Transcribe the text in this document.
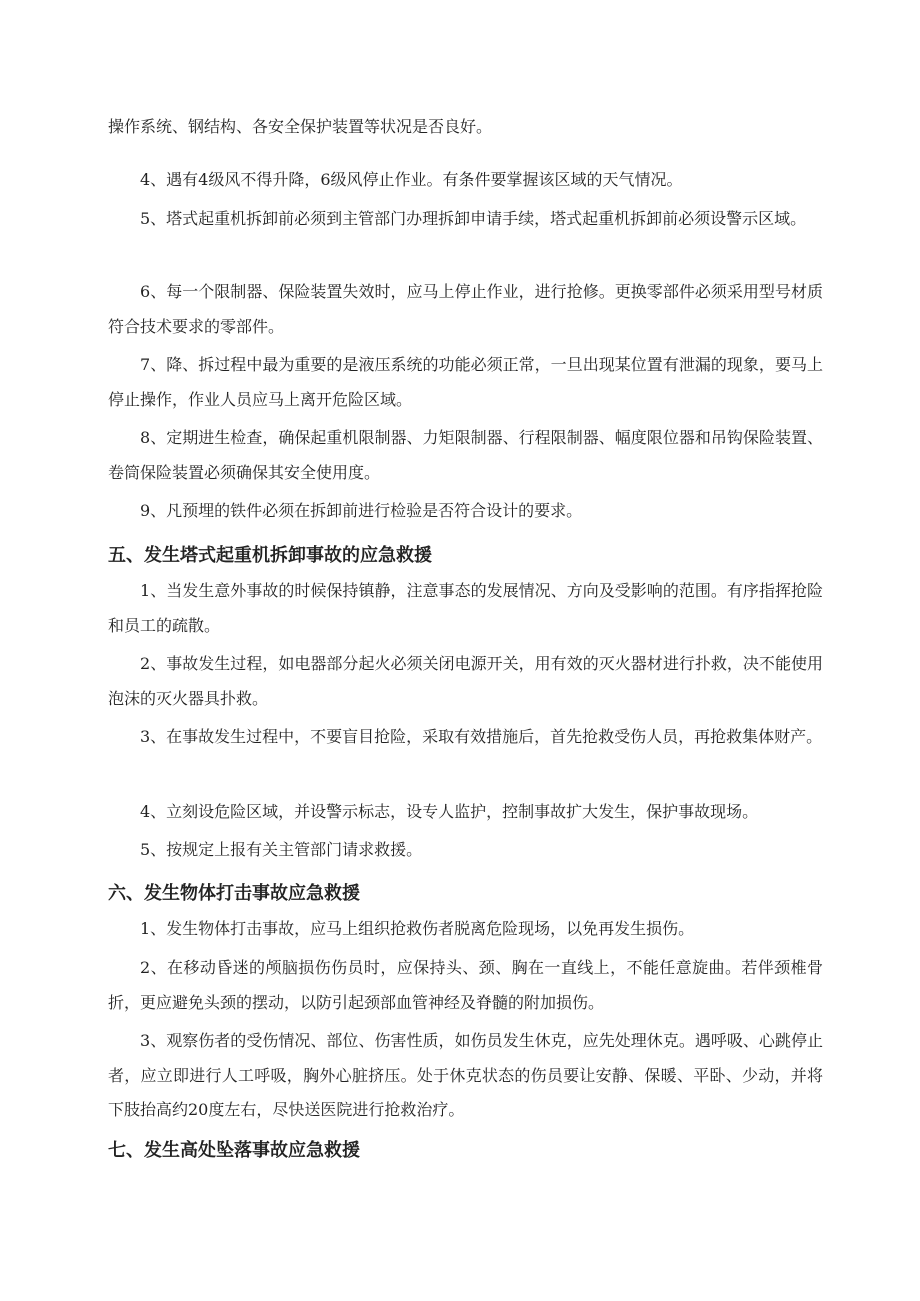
操作系统、钢结构、各安全保护装置等状况是否良好。

4、遇有4级风不得升降，6级风停止作业。有条件要掌握该区域的天气情况。

5、塔式起重机拆卸前必须到主管部门办理拆卸申请手续，塔式起重机拆卸前必须设警示区域。

6、每一个限制器、保险装置失效时，应马上停止作业，进行抢修。更换零部件必须采用型号材质符合技术要求的零部件。

7、降、拆过程中最为重要的是液压系统的功能必须正常，一旦出现某位置有泄漏的现象，要马上停止操作，作业人员应马上离开危险区域。

8、定期进生检查，确保起重机限制器、力矩限制器、行程限制器、幅度限位器和吊钩保险装置、卷筒保险装置必须确保其安全使用度。

9、凡预埋的铁件必须在拆卸前进行检验是否符合设计的要求。

五、发生塔式起重机拆卸事故的应急救援

1、当发生意外事故的时候保持镇静，注意事态的发展情况、方向及受影响的范围。有序指挥抢险和员工的疏散。

2、事故发生过程，如电器部分起火必须关闭电源开关，用有效的灭火器材进行扑救，决不能使用泡沫的灭火器具扑救。

3、在事故发生过程中，不要盲目抢险，采取有效措施后，首先抢救受伤人员，再抢救集体财产。

4、立刻设危险区域，并设警示标志，设专人监护，控制事故扩大发生，保护事故现场。

5、按规定上报有关主管部门请求救援。

六、发生物体打击事故应急救援

1、发生物体打击事故，应马上组织抢救伤者脱离危险现场，以免再发生损伤。

2、在移动昏迷的颅脑损伤伤员时，应保持头、颈、胸在一直线上，不能任意旋曲。若伴颈椎骨折，更应避免头颈的摆动，以防引起颈部血管神经及脊髓的附加损伤。

3、观察伤者的受伤情况、部位、伤害性质，如伤员发生休克，应先处理休克。遇呼吸、心跳停止者，应立即进行人工呼吸，胸外心脏挤压。处于休克状态的伤员要让安静、保暖、平卧、少动，并将下肢抬高约20度左右，尽快送医院进行抢救治疗。

七、发生高处坠落事故应急救援
